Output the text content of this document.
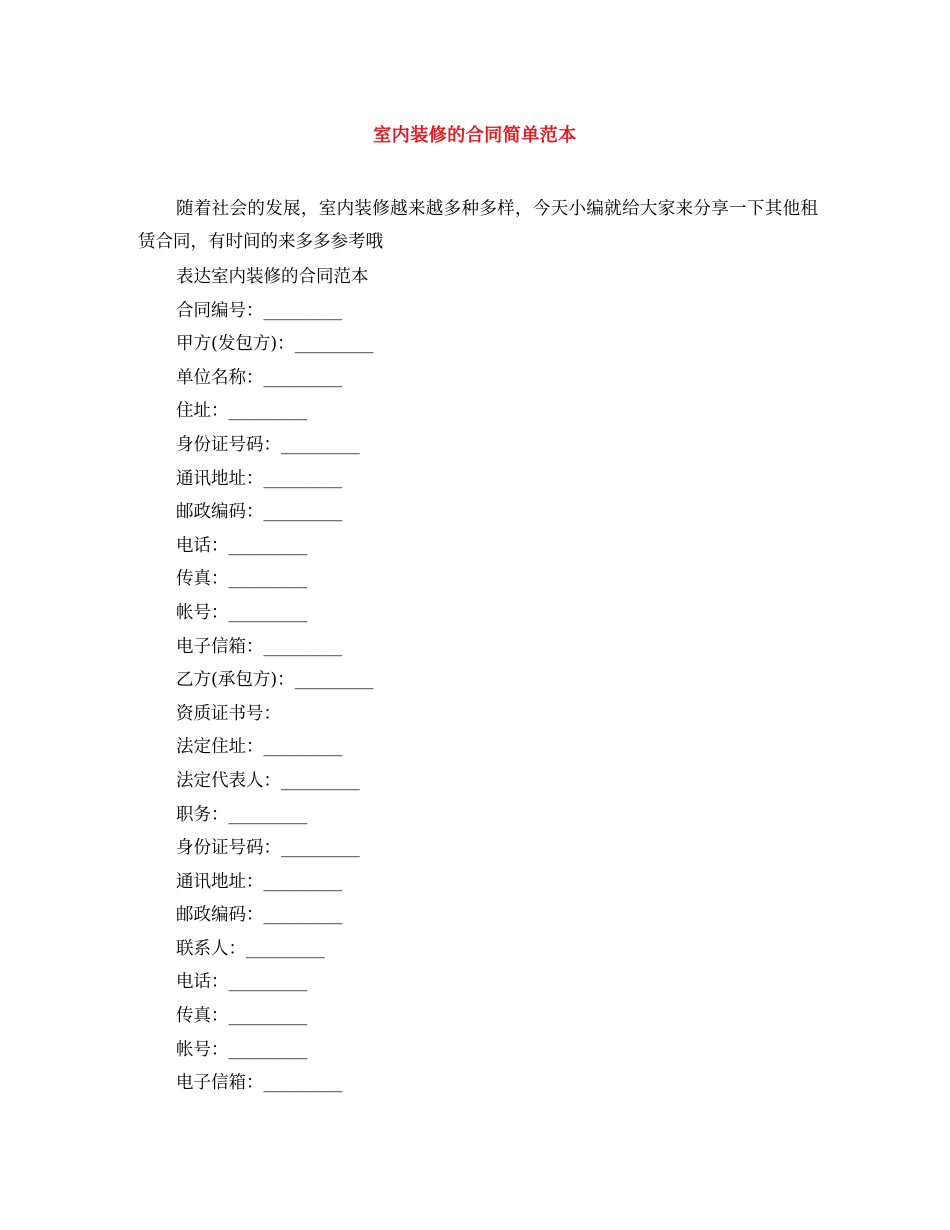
室内装修的合同简单范本
随着社会的发展，室内装修越来越多种多样，今天小编就给大家来分享一下其他租赁合同，有时间的来多多参考哦
表达室内装修的合同范本
合同编号：_________
甲方(发包方)：_________
单位名称：_________
住址：_________
身份证号码：_________
通讯地址：_________
邮政编码：_________
电话：_________
传真：_________
帐号：_________
电子信箱：_________
乙方(承包方)：_________
资质证书号：
法定住址：_________
法定代表人：_________
职务：_________
身份证号码：_________
通讯地址：_________
邮政编码：_________
联系人：_________
电话：_________
传真：_________
帐号：_________
电子信箱：_________
